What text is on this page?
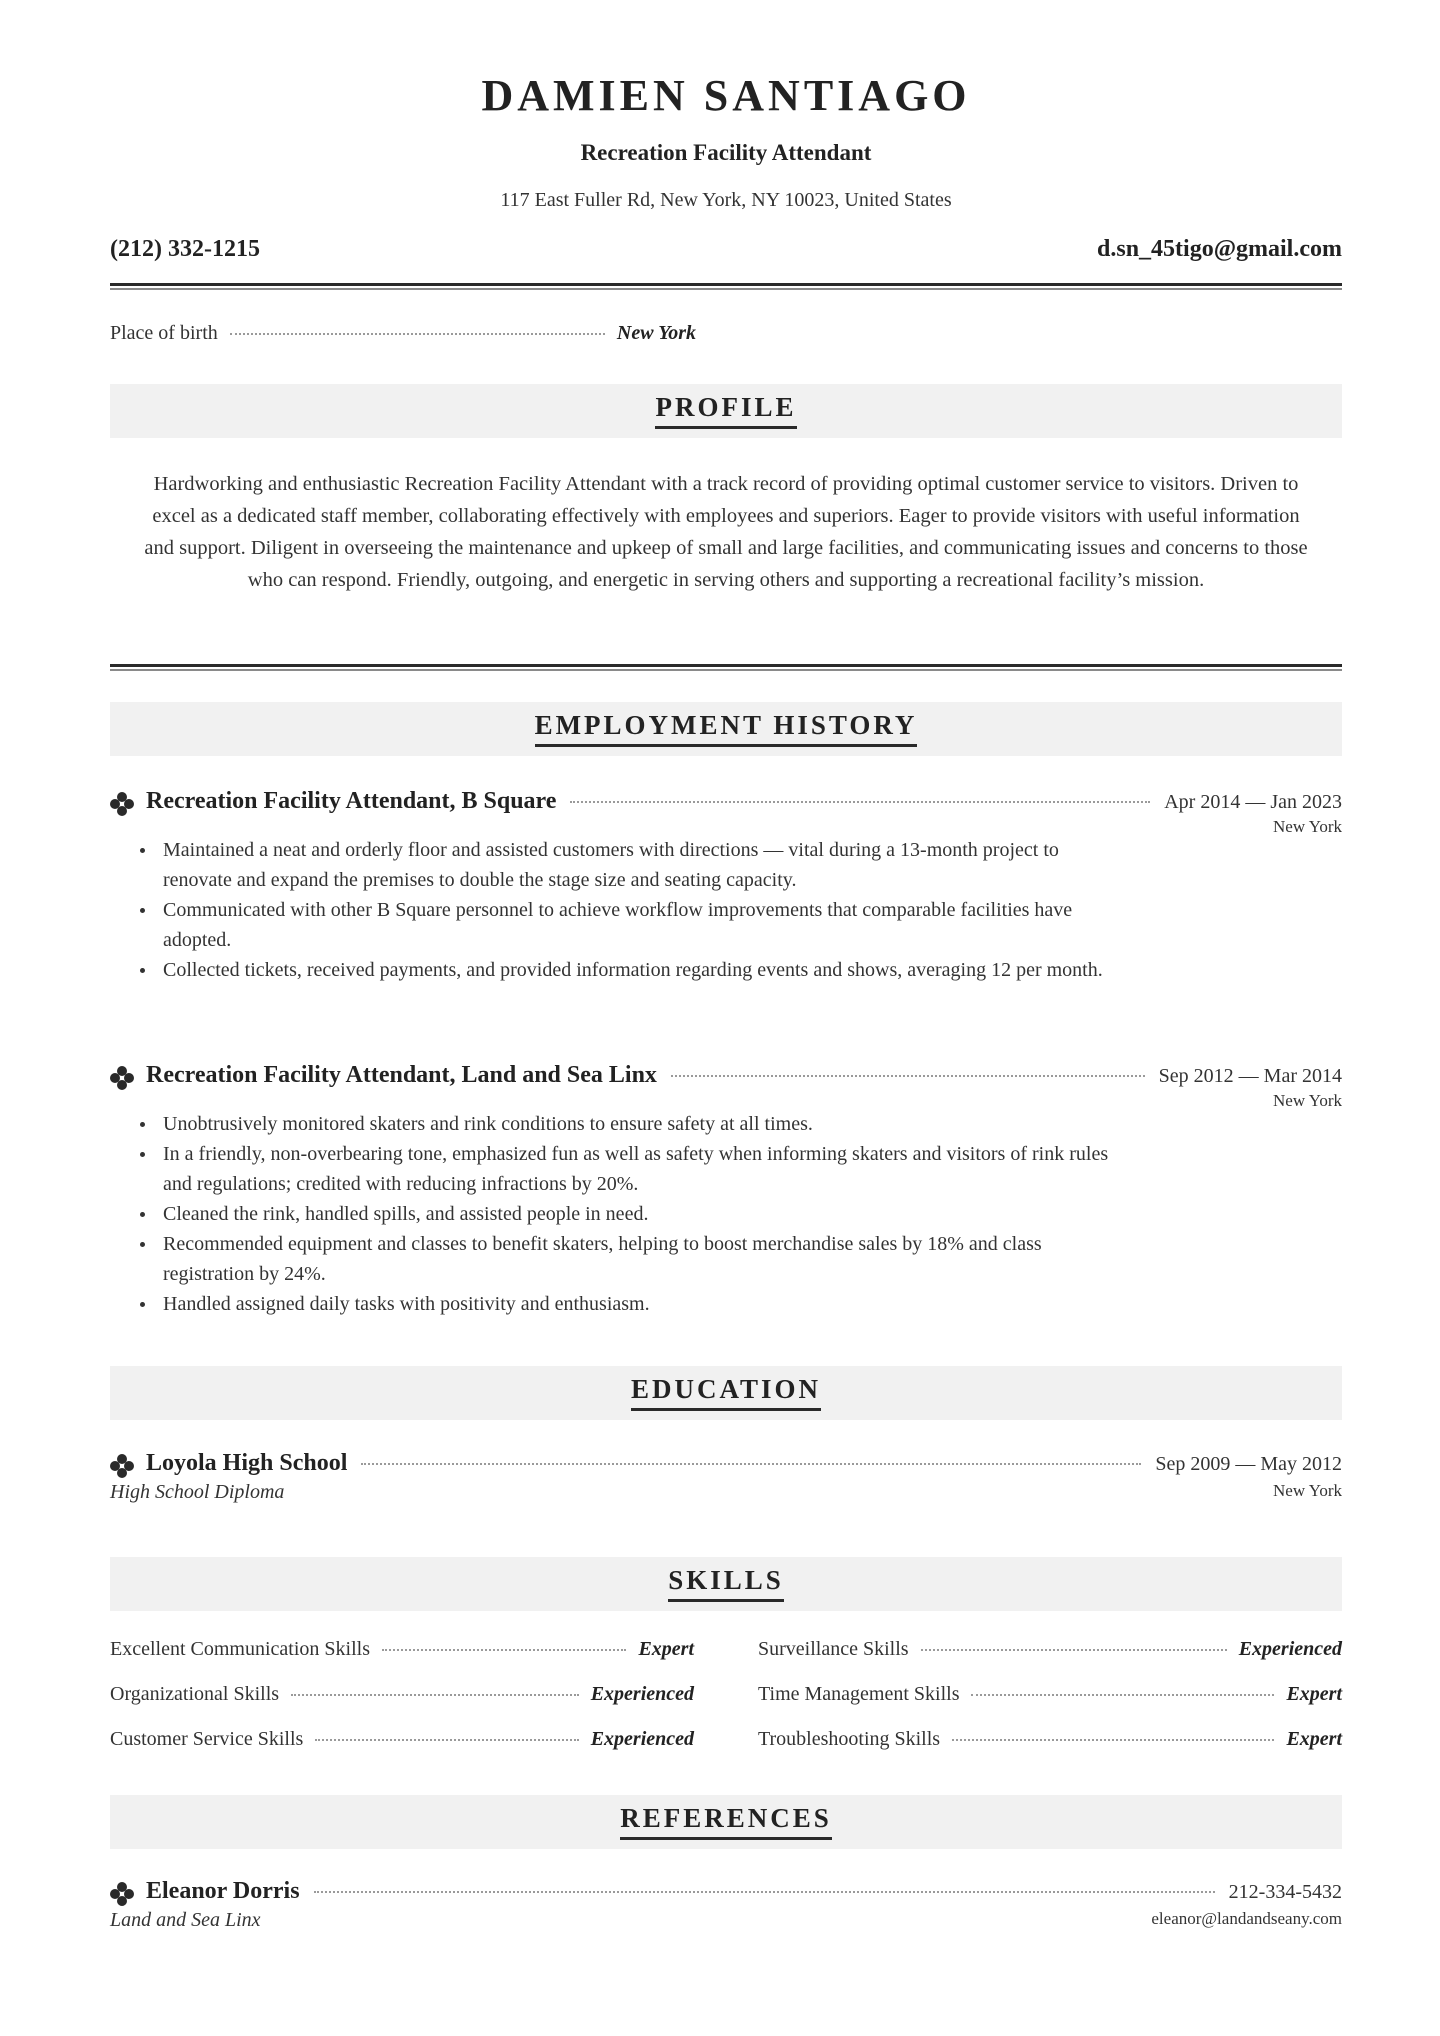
DAMIEN SANTIAGO
Recreation Facility Attendant
117 East Fuller Rd, New York, NY 10023, United States
(212) 332-1215	d.sn_45tigo@gmail.com
Place of birth	New York
PROFILE

Hardworking and enthusiastic Recreation Facility Attendant with a track record of providing optimal customer service to visitors. Driven to excel as a dedicated staff member, collaborating effectively with employees and superiors. Eager to provide visitors with useful information and support. Diligent in overseeing the maintenance and upkeep of small and large facilities, and communicating issues and concerns to those who can respond. Friendly, outgoing, and energetic in serving others and supporting a recreational facility’s mission.

EMPLOYMENT HISTORY
Recreation Facility Attendant, B Square	Apr 2014 — Jan 2023
New York
Maintained a neat and orderly floor and assisted customers with directions — vital during a 13-month project to renovate and expand the premises to double the stage size and seating capacity.
Communicated with other B Square personnel to achieve workflow improvements that comparable facilities have adopted.
Collected tickets, received payments, and provided information regarding events and shows, averaging 12 per month.
Recreation Facility Attendant, Land and Sea Linx	Sep 2012 — Mar 2014
New York
Unobtrusively monitored skaters and rink conditions to ensure safety at all times.
In a friendly, non-overbearing tone, emphasized fun as well as safety when informing skaters and visitors of rink rules and regulations; credited with reducing infractions by 20%.
Cleaned the rink, handled spills, and assisted people in need.
Recommended equipment and classes to benefit skaters, helping to boost merchandise sales by 18% and class registration by 24%.
Handled assigned daily tasks with positivity and enthusiasm.
EDUCATION
Loyola High School	Sep 2009 — May 2012
High School Diploma	New York
SKILLS
Excellent Communication Skills	Expert	Surveillance Skills	Experienced
Organizational Skills	Experienced	Time Management Skills	Expert
Customer Service Skills	Experienced	Troubleshooting Skills	Expert
REFERENCES
Eleanor Dorris	212-334-5432
Land and Sea Linx	eleanor@landandseany.com
